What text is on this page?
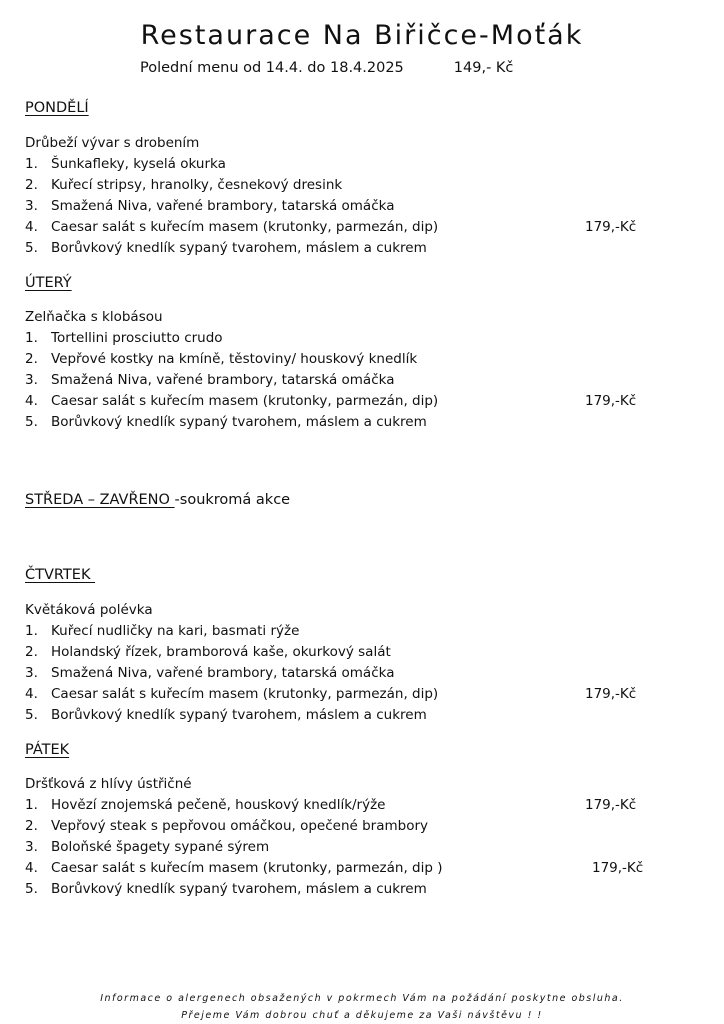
Restaurace Na Biřičce-Moťák
Polední menu od 14.4. do 18.4.2025	149,- Kč
PONDĚLÍ
Drůbeží vývar s drobením
1. Šunkafleky, kyselá okurka
2. Kuřecí stripsy, hranolky, česnekový dresink
3. Smažená Niva, vařené brambory, tatarská omáčka
4. Caesar salát s kuřecím masem (krutonky, parmezán, dip)	179,-Kč
5. Borůvkový knedlík sypaný tvarohem, máslem a cukrem
ÚTERÝ
Zelňačka s klobásou
1. Tortellini prosciutto crudo
2. Vepřové kostky na kmíně, těstoviny/ houskový knedlík
3. Smažená Niva, vařené brambory, tatarská omáčka
4. Caesar salát s kuřecím masem (krutonky, parmezán, dip)	179,-Kč
5. Borůvkový knedlík sypaný tvarohem, máslem a cukrem
STŘEDA – ZAVŘENO -soukromá akce
ČTVRTEK
Květáková polévka
1. Kuřecí nudličky na kari, basmati rýže
2. Holandský řízek, bramborová kaše, okurkový salát
3. Smažená Niva, vařené brambory, tatarská omáčka
4. Caesar salát s kuřecím masem (krutonky, parmezán, dip)	179,-Kč
5. Borůvkový knedlík sypaný tvarohem, máslem a cukrem
PÁTEK
Dršťková z hlívy ústřičné
1. Hovězí znojemská pečeně, houskový knedlík/rýže	179,-Kč
2. Vepřový steak s pepřovou omáčkou, opečené brambory
3. Boloňské špagety sypané sýrem
4. Caesar salát s kuřecím masem (krutonky, parmezán, dip )	179,-Kč
5. Borůvkový knedlík sypaný tvarohem, máslem a cukrem
Informace o alergenech obsažených v pokrmech Vám na požádání poskytne obsluha.
Přejeme Vám dobrou chuť a děkujeme za Vaši návštěvu ! !
